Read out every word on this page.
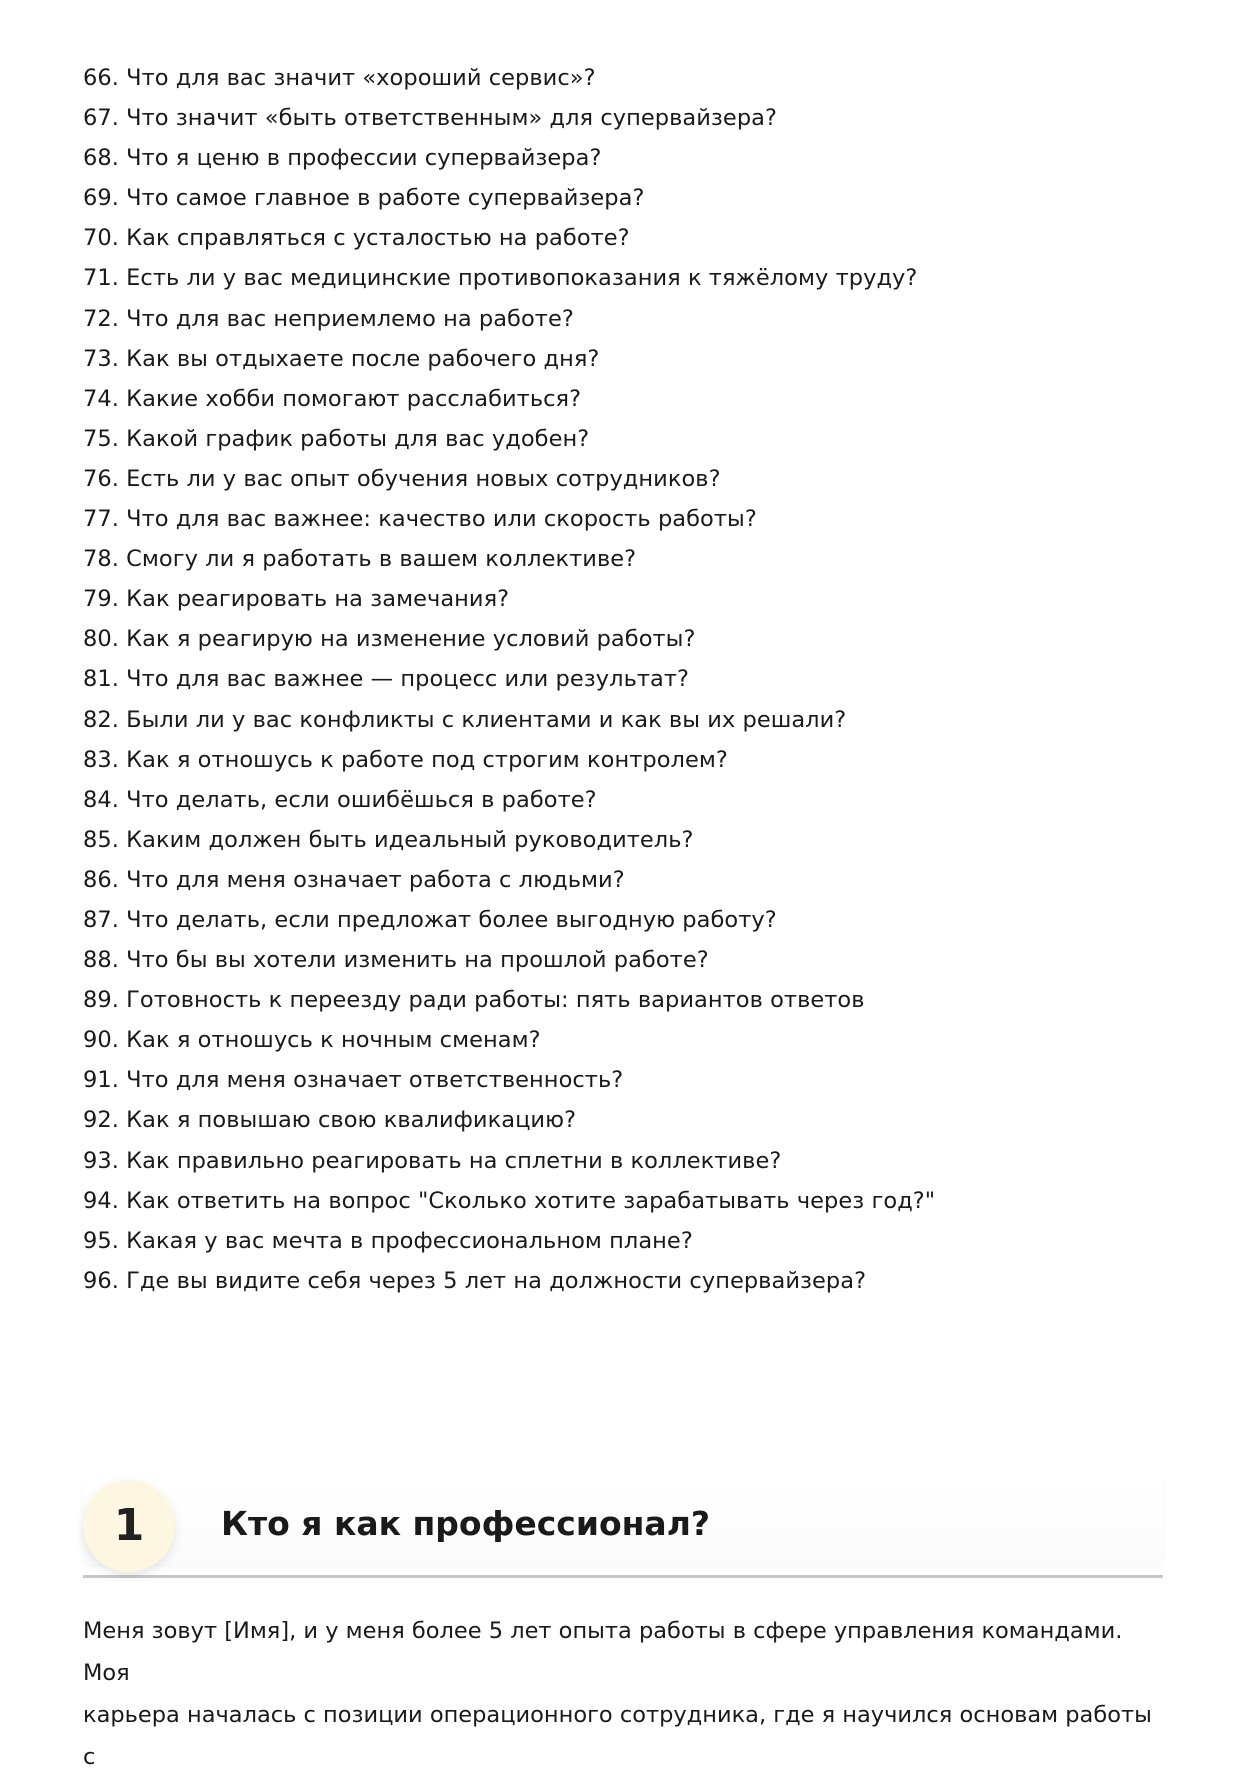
66. Что для вас значит «хороший сервис»?
67. Что значит «быть ответственным» для супервайзера?
68. Что я ценю в профессии супервайзера?
69. Что самое главное в работе супервайзера?
70. Как справляться с усталостью на работе?
71. Есть ли у вас медицинские противопоказания к тяжёлому труду?
72. Что для вас неприемлемо на работе?
73. Как вы отдыхаете после рабочего дня?
74. Какие хобби помогают расслабиться?
75. Какой график работы для вас удобен?
76. Есть ли у вас опыт обучения новых сотрудников?
77. Что для вас важнее: качество или скорость работы?
78. Смогу ли я работать в вашем коллективе?
79. Как реагировать на замечания?
80. Как я реагирую на изменение условий работы?
81. Что для вас важнее — процесс или результат?
82. Были ли у вас конфликты с клиентами и как вы их решали?
83. Как я отношусь к работе под строгим контролем?
84. Что делать, если ошибёшься в работе?
85. Каким должен быть идеальный руководитель?
86. Что для меня означает работа с людьми?
87. Что делать, если предложат более выгодную работу?
88. Что бы вы хотели изменить на прошлой работе?
89. Готовность к переезду ради работы: пять вариантов ответов
90. Как я отношусь к ночным сменам?
91. Что для меня означает ответственность?
92. Как я повышаю свою квалификацию?
93. Как правильно реагировать на сплетни в коллективе?
94. Как ответить на вопрос "Сколько хотите зарабатывать через год?"
95. Какая у вас мечта в профессиональном плане?
96. Где вы видите себя через 5 лет на должности супервайзера?
1	Кто я как профессионал?
Меня зовут [Имя], и у меня более 5 лет опыта работы в сфере управления командами. Моя
карьера началась с позиции операционного сотрудника, где я научился основам работы с
